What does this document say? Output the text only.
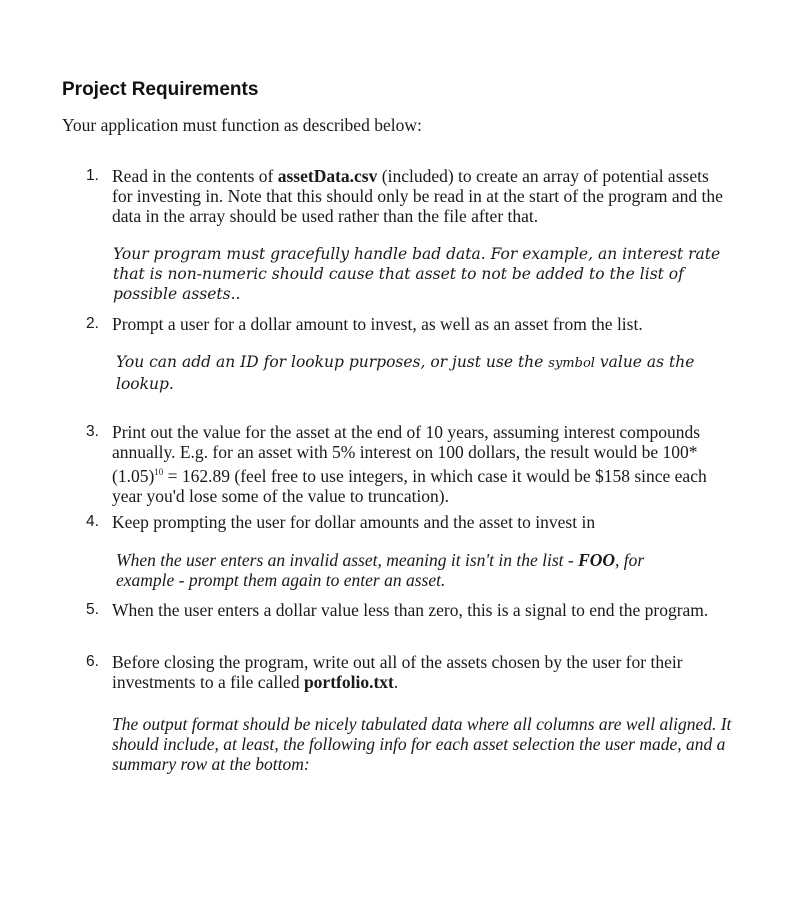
Project Requirements
Your application must function as described below:
1. Read in the contents of assetData.csv (included) to create an array of potential assets for investing in. Note that this should only be read in at the start of the program and the data in the array should be used rather than the file after that.
Your program must gracefully handle bad data. For example, an interest rate that is non-numeric should cause that asset to not be added to the list of possible assets..
2. Prompt a user for a dollar amount to invest, as well as an asset from the list.
You can add an ID for lookup purposes, or just use the symbol value as the lookup.
3. Print out the value for the asset at the end of 10 years, assuming interest compounds annually. E.g. for an asset with 5% interest on 100 dollars, the result would be $100*(1.05)^{10} = 162.89$ (feel free to use integers, in which case it would be $158 since each year you'd lose some of the value to truncation).
4. Keep prompting the user for dollar amounts and the asset to invest in
When the user enters an invalid asset, meaning it isn't in the list - FOO, for example - prompt them again to enter an asset.
5. When the user enters a dollar value less than zero, this is a signal to end the program.
6. Before closing the program, write out all of the assets chosen by the user for their investments to a file called portfolio.txt.
The output format should be nicely tabulated data where all columns are well aligned. It should include, at least, the following info for each asset selection the user made, and a summary row at the bottom:
